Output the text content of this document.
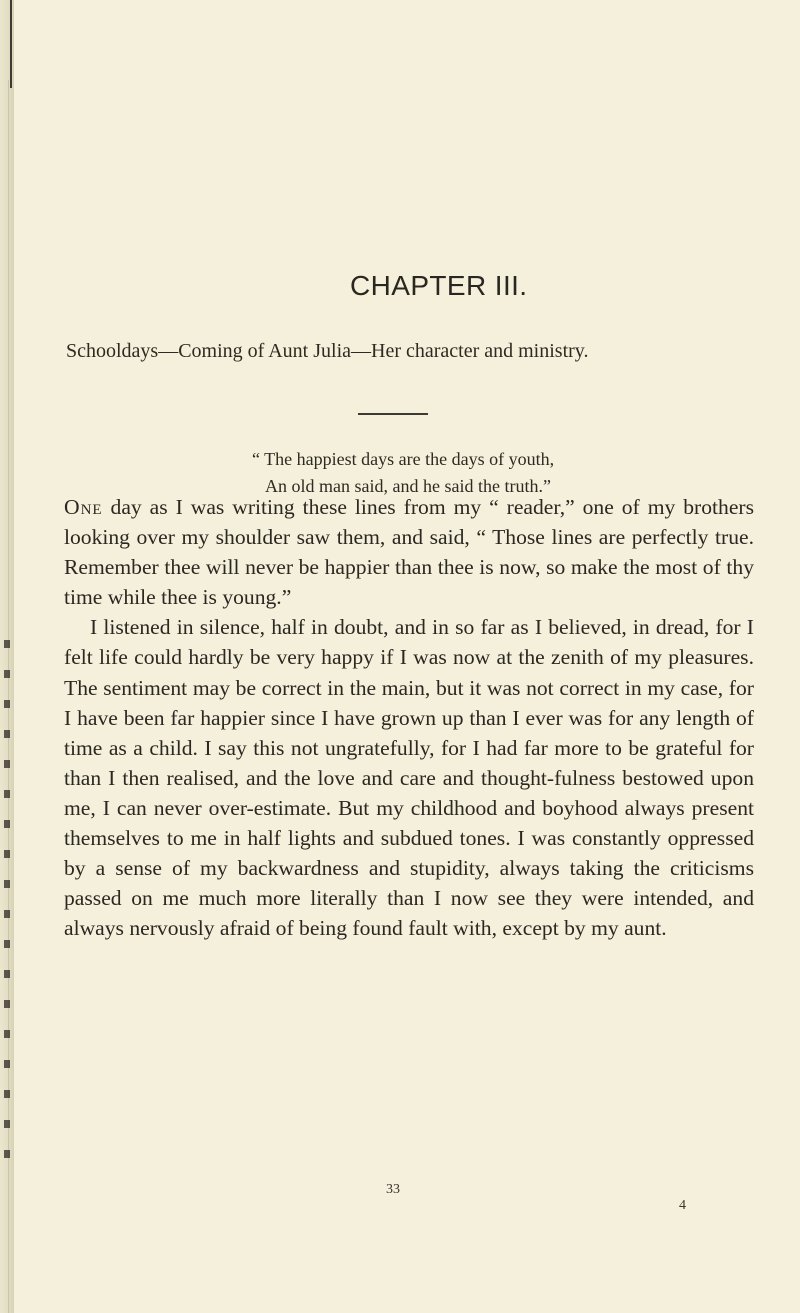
CHAPTER III.

Schooldays—Coming of Aunt Julia—Her character and ministry.

“ The happiest days are the days of youth,
An old man said, and he said the truth.”

One day as I was writing these lines from my “ reader,” one of my brothers looking over my shoulder saw them, and said, “ Those lines are perfectly true. Remember thee will never be happier than thee is now, so make the most of thy time while thee is young.”

I listened in silence, half in doubt, and in so far as I believed, in dread, for I felt life could hardly be very happy if I was now at the zenith of my pleasures. The sentiment may be correct in the main, but it was not correct in my case, for I have been far happier since I have grown up than I ever was for any length of time as a child. I say this not ungratefully, for I had far more to be grateful for than I then realised, and the love and care and thought-fulness bestowed upon me, I can never over-estimate. But my childhood and boyhood always present themselves to me in half lights and subdued tones. I was constantly oppressed by a sense of my backwardness and stupidity, always taking the criticisms passed on me much more literally than I now see they were intended, and always nervously afraid of being found fault with, except by my aunt.

33
4
